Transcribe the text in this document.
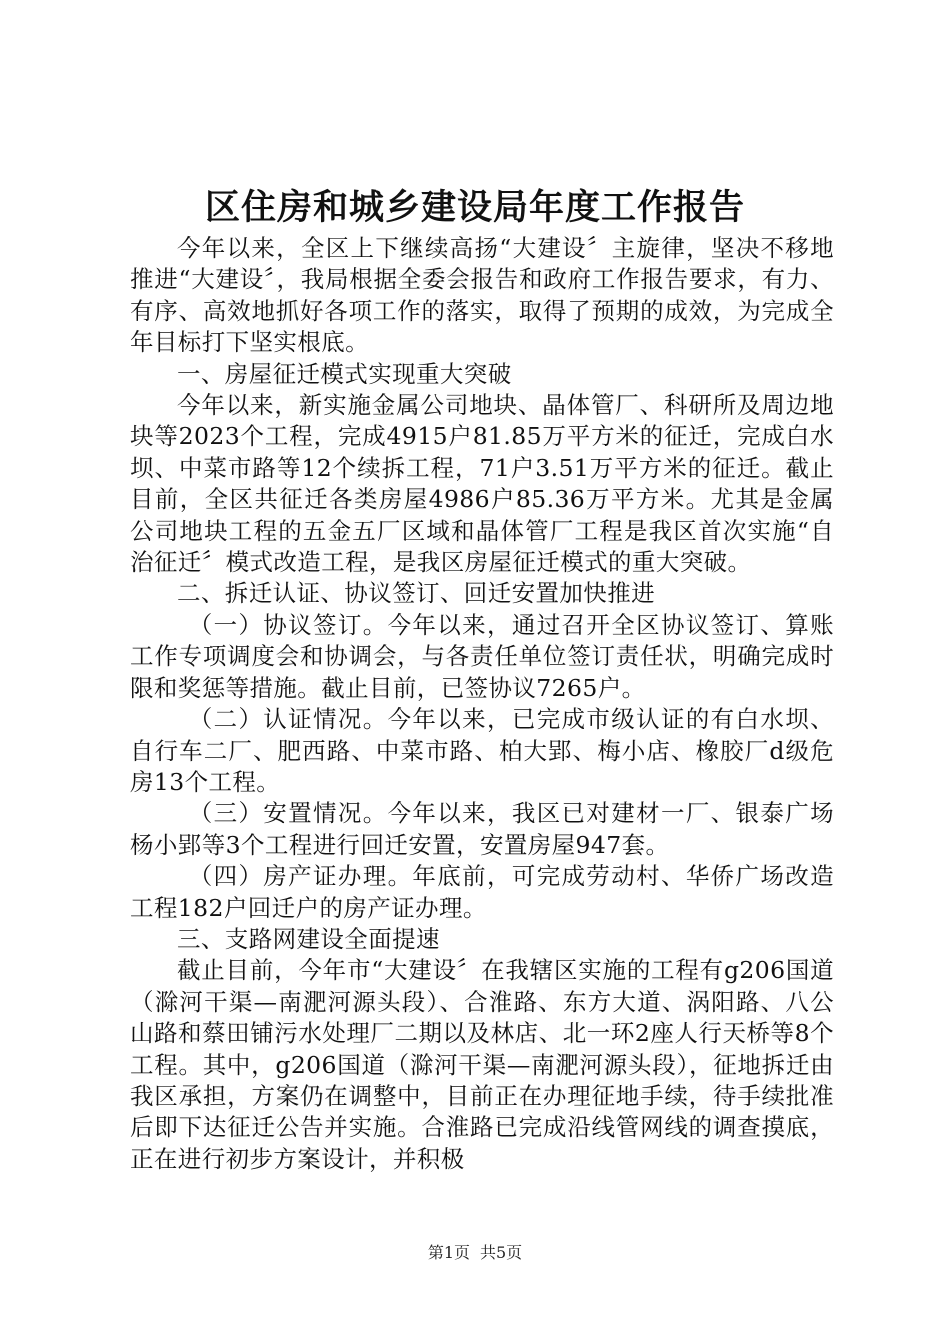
区住房和城乡建设局年度工作报告

今年以来，全区上下继续高扬“大建设〞主旋律，坚决不移地推进“大建设〞，我局根据全委会报告和政府工作报告要求，有力、有序、高效地抓好各项工作的落实，取得了预期的成效，为完成全年目标打下坚实根底。

一、房屋征迁模式实现重大突破

今年以来，新实施金属公司地块、晶体管厂、科研所及周边地块等2023个工程，完成4915户81.85万平方米的征迁，完成白水坝、中菜市路等12个续拆工程，71户3.51万平方米的征迁。截止目前，全区共征迁各类房屋4986户85.36万平方米。尤其是金属公司地块工程的五金五厂区域和晶体管厂工程是我区首次实施“自治征迁〞模式改造工程，是我区房屋征迁模式的重大突破。

二、拆迁认证、协议签订、回迁安置加快推进

（一）协议签订。今年以来，通过召开全区协议签订、算账工作专项调度会和协调会，与各责任单位签订责任状，明确完成时限和奖惩等措施。截止目前，已签协议7265户。

（二）认证情况。今年以来，已完成市级认证的有白水坝、自行车二厂、肥西路、中菜市路、柏大郢、梅小店、橡胶厂d级危房13个工程。

（三）安置情况。今年以来，我区已对建材一厂、银泰广场杨小郢等3个工程进行回迁安置，安置房屋947套。

（四）房产证办理。年底前，可完成劳动村、华侨广场改造工程182户回迁户的房产证办理。

三、支路网建设全面提速

截止目前，今年市“大建设〞在我辖区实施的工程有g206国道（滁河干渠—南淝河源头段）、合淮路、东方大道、涡阳路、八公山路和蔡田铺污水处理厂二期以及林店、北一环2座人行天桥等8个工程。其中，g206国道（滁河干渠—南淝河源头段），征地拆迁由我区承担，方案仍在调整中，目前正在办理征地手续，待手续批准后即下达征迁公告并实施。合淮路已完成沿线管网线的调查摸底，正在进行初步方案设计，并积极

第1页 共5页
